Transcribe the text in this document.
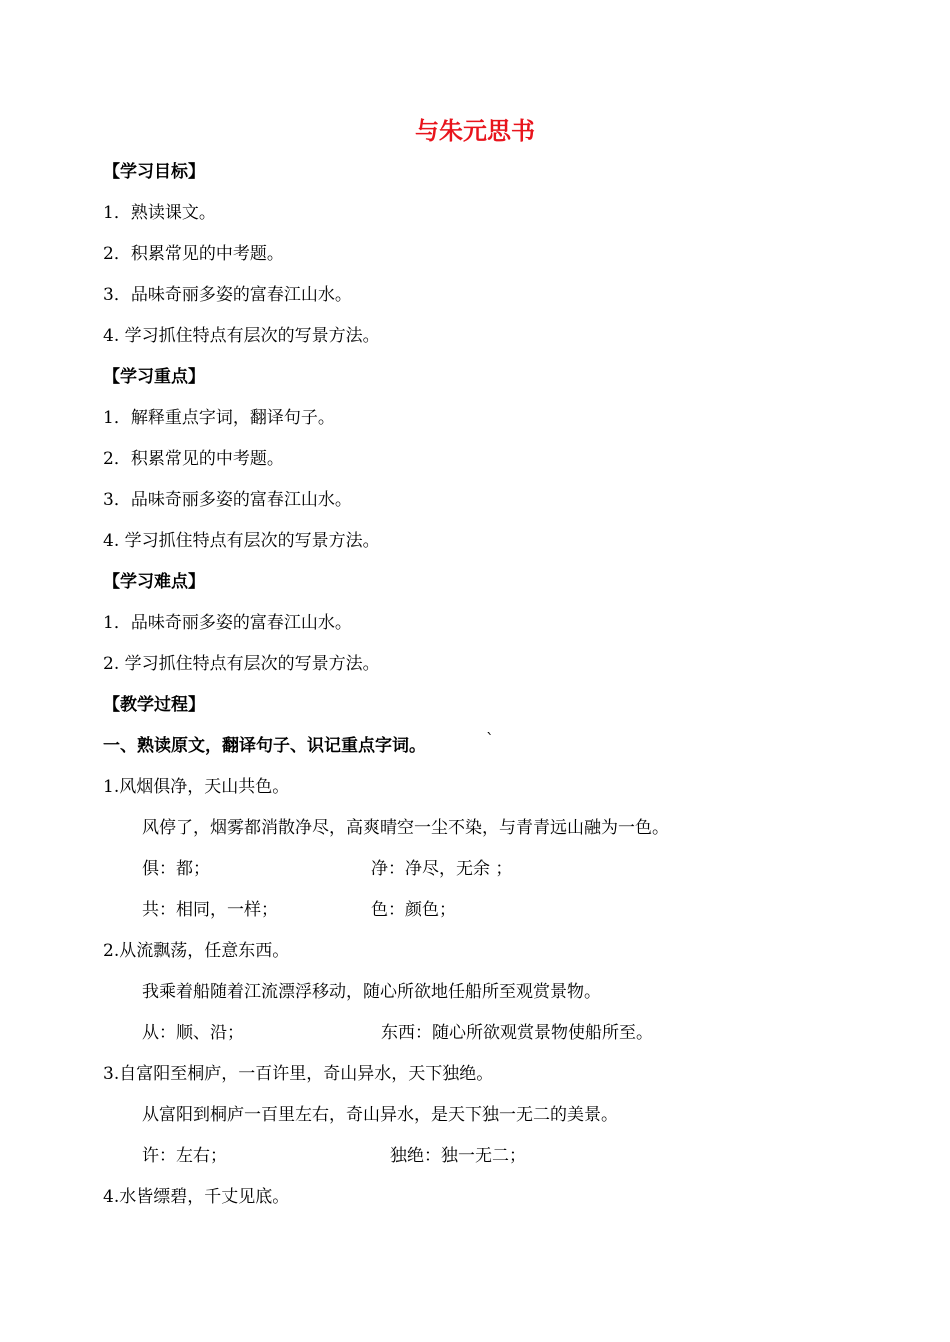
与朱元思书
【学习目标】
1．熟读课文。
2．积累常见的中考题。
3．品味奇丽多姿的富春江山水。
4. 学习抓住特点有层次的写景方法。
【学习重点】
1．解释重点字词，翻译句子。
2．积累常见的中考题。
3．品味奇丽多姿的富春江山水。
4. 学习抓住特点有层次的写景方法。
【学习难点】
1．品味奇丽多姿的富春江山水。
2. 学习抓住特点有层次的写景方法。
【教学过程】
一、熟读原文，翻译句子、识记重点字词。	`
1.风烟俱净，天山共色。
风停了，烟雾都消散净尽，高爽晴空一尘不染，与青青远山融为一色。
俱：都；	净：净尽，无余 ；
共：相同，一样；	色：颜色；
2.从流飘荡，任意东西。
我乘着船随着江流漂浮移动，随心所欲地任船所至观赏景物。
从：顺、沿；	东西：随心所欲观赏景物使船所至。
3.自富阳至桐庐，一百许里，奇山异水，天下独绝。
从富阳到桐庐一百里左右，奇山异水，是天下独一无二的美景。
许：左右；	独绝：独一无二；
4.水皆缥碧，千丈见底。
